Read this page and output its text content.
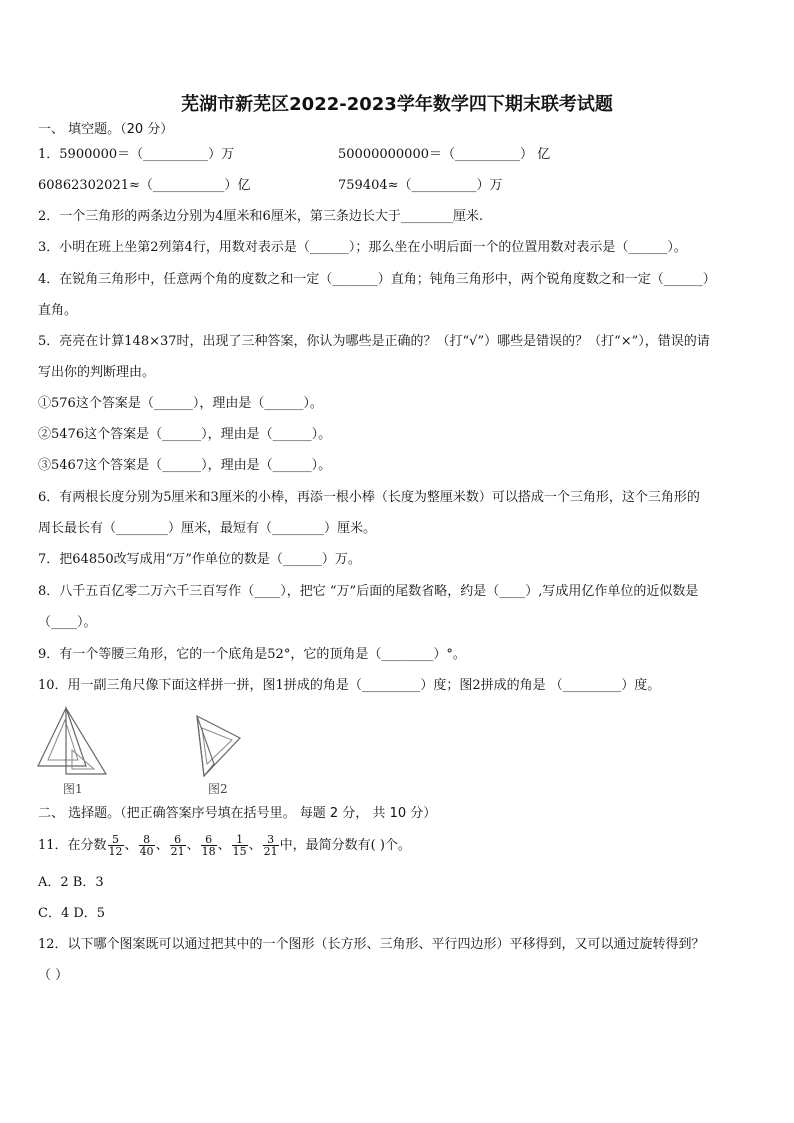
芜湖市新芜区2022-2023学年数学四下期末联考试题
一、 填空题。（20 分）
1．5900000＝（__________）万	50000000000＝（__________） 亿
60862302021≈（___________）亿	759404≈（__________）万
2．一个三角形的两条边分别为4厘米和6厘米，第三条边长大于________厘米.
3．小明在班上坐第2列第4行，用数对表示是（______）；那么坐在小明后面一个的位置用数对表示是（______）。
4．在锐角三角形中，任意两个角的度数之和一定（_______）直角；钝角三角形中，两个锐角度数之和一定（______）
直角。
5．亮亮在计算148×37时，出现了三种答案，你认为哪些是正确的？（打“√”）哪些是错误的？（打“×”），错误的请
写出你的判断理由。
①576这个答案是（______），理由是（______）。
②5476这个答案是（______），理由是（______）。
③5467这个答案是（______），理由是（______）。
6．有两根长度分别为5厘米和3厘米的小棒，再添一根小棒（长度为整厘米数）可以搭成一个三角形，这个三角形的
周长最长有（________）厘米，最短有（________）厘米。
7．把64850改写成用“万”作单位的数是（______）万。
8．八千五百亿零二万六千三百写作（____），把它 “万”后面的尾数省略，约是（____）,写成用亿作单位的近似数是
（____）。
9．有一个等腰三角形，它的一个底角是52°，它的顶角是（________）°。
10．用一副三角尺像下面这样拼一拼，图1拼成的角是（_________）度；图2拼成的角是 （_________）度。
图1	图2
二、 选择题。（把正确答案序号填在括号里。 每题 2 分， 共 10 分）
11．在分数 $\frac{5}{12}$ 、 $\frac{8}{40}$ 、 $\frac{6}{21}$ 、 $\frac{6}{18}$ 、 $\frac{1}{15}$ 、 $\frac{3}{21}$ 中，最简分数有( )个。
A．2 B．3
C．4 D．5
12．以下哪个图案既可以通过把其中的一个图形（长方形、三角形、平行四边形）平移得到，又可以通过旋转得到？
（ ）
